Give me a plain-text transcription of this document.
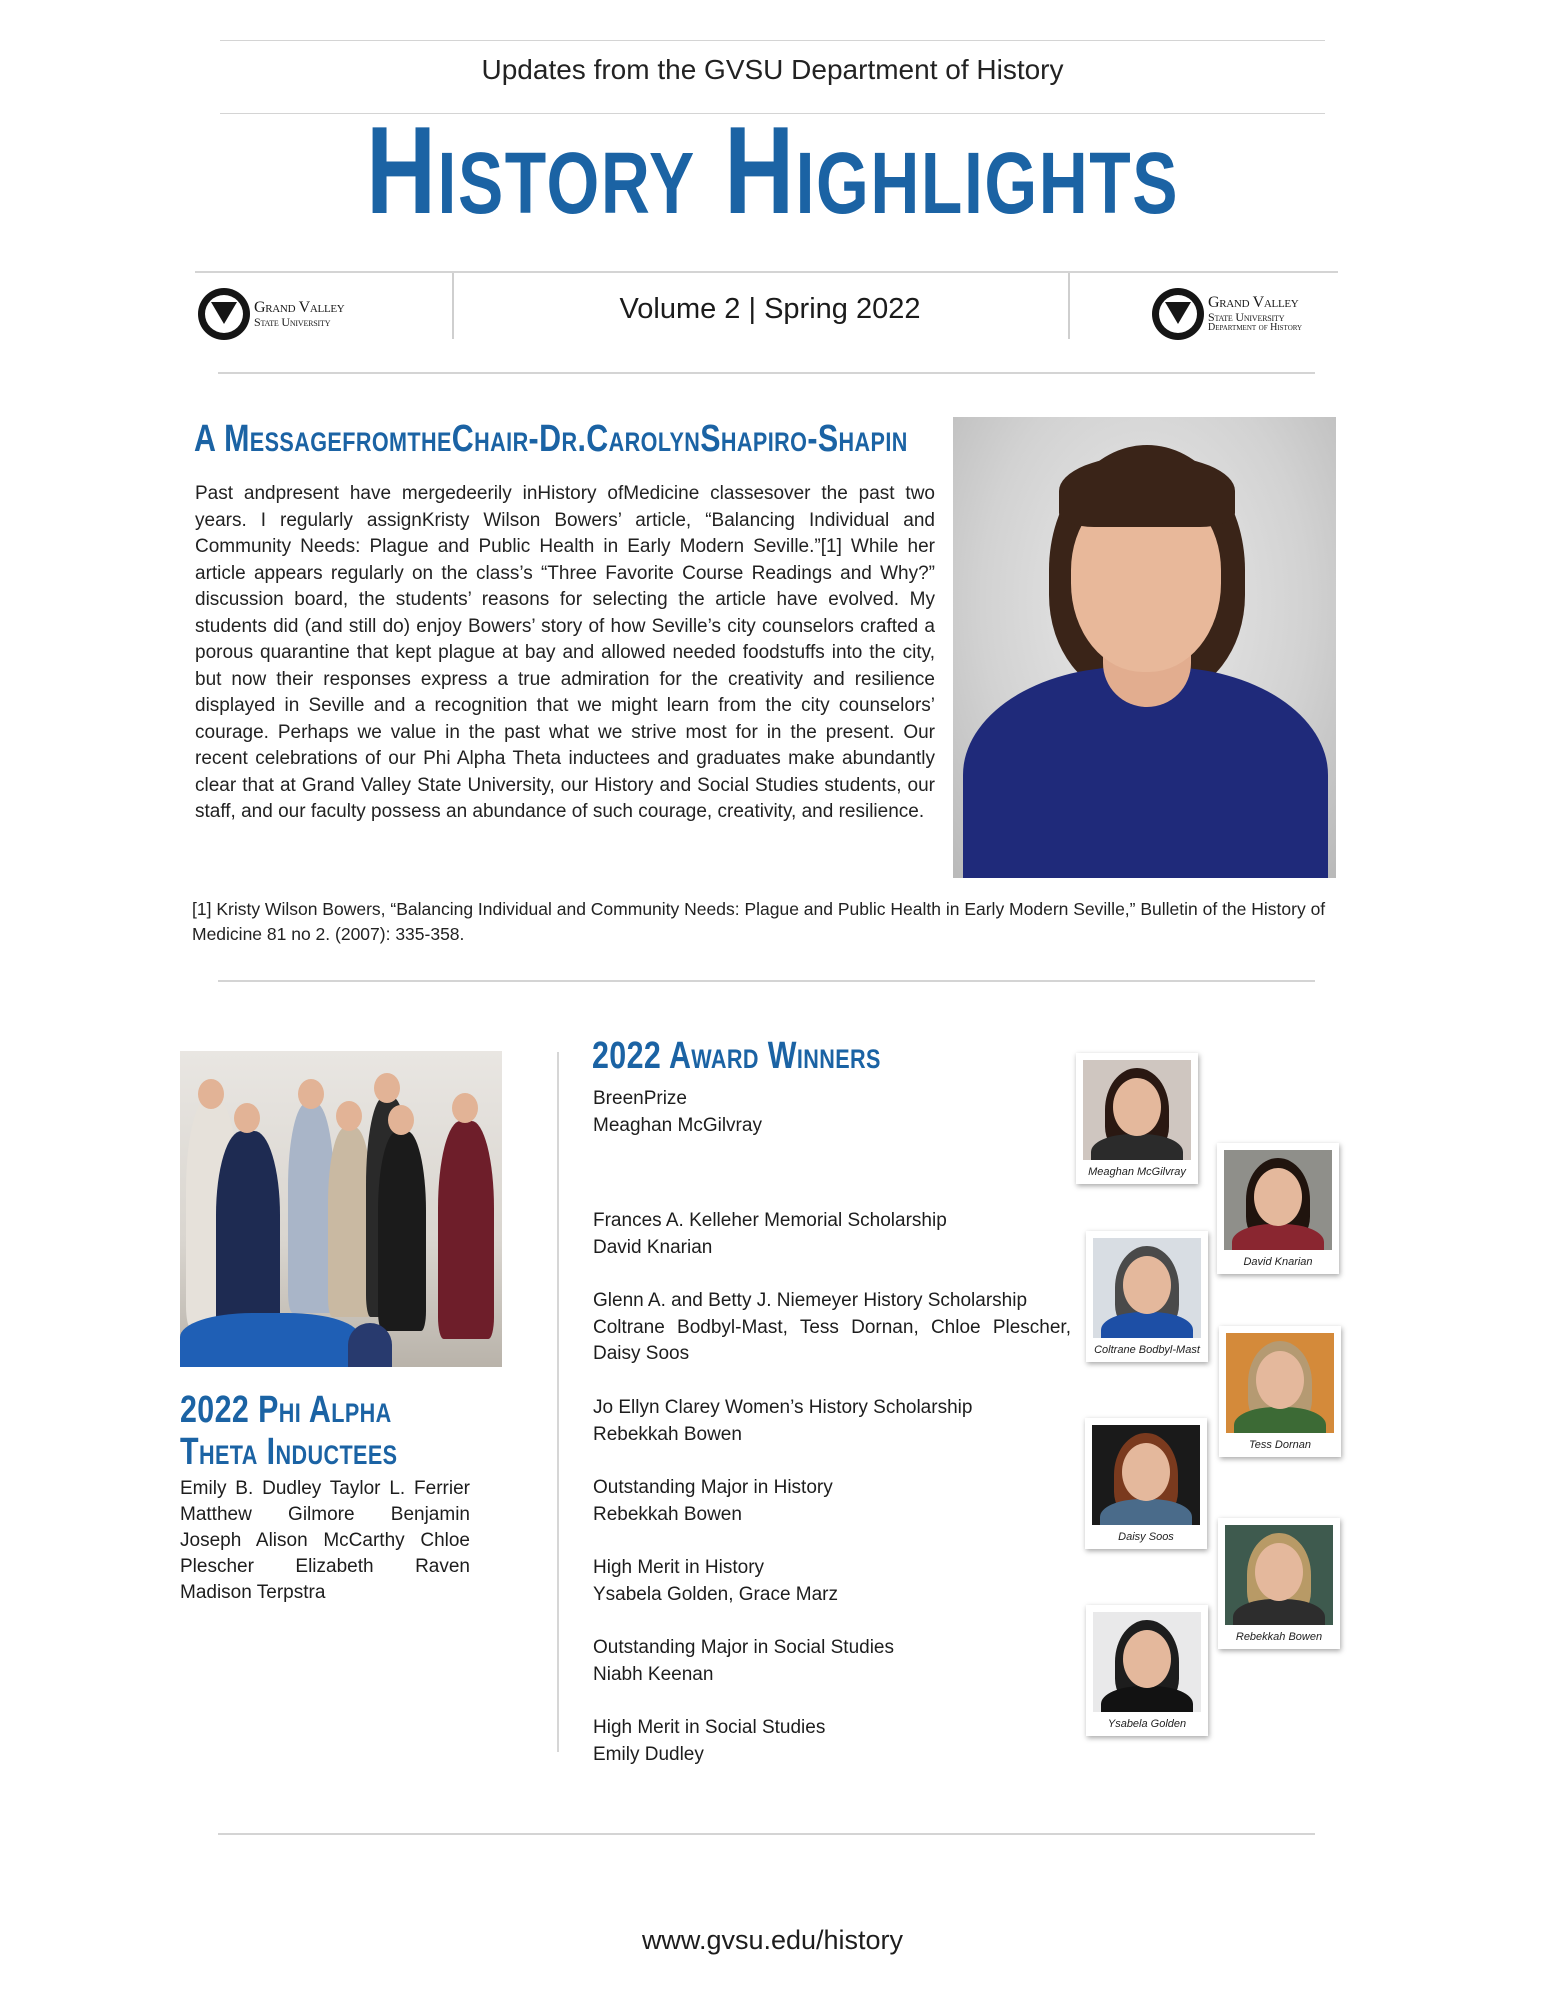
Updates from the GVSU Department of History
History Highlights
Volume 2 | Spring 2022
Grand Valley
State University
Grand Valley
State University
Department of History
A MessagefromtheChair-Dr.CarolynShapiro-Shapin
Past andpresent have mergedeerily inHistory ofMedicine classesover the past two years. I regularly assignKristy Wilson Bowers’ article, “Balancing Individual and Community Needs: Plague and Public Health in Early Modern Seville.”[1] While her article appears regularly on the class’s “Three Favorite Course Readings and Why?” discussion board, the students’ reasons for selecting the article have evolved. My students did (and still do) enjoy Bowers’ story of how Seville’s city counselors crafted a porous quarantine that kept plague at bay and allowed needed foodstuffs into the city, but now their responses express a true admiration for the creativity and resilience displayed in Seville and a recognition that we might learn from the city counselors’ courage. Perhaps we value in the past what we strive most for in the present. Our recent celebrations of our Phi Alpha Theta inductees and graduates make abundantly clear that at Grand Valley State University, our History and Social Studies students, our staff, and our faculty possess an abundance of such courage, creativity, and resilience.
[1] Kristy Wilson Bowers, “Balancing Individual and Community Needs: Plague and Public Health in Early Modern Seville,” Bulletin of the History of Medicine 81 no 2. (2007): 335-358.
2022 Phi Alpha Theta Inductees
Emily B. Dudley Taylor L. Ferrier Matthew Gilmore Benjamin Joseph Alison McCarthy Chloe Plescher Elizabeth Raven Madison Terpstra
2022 Award Winners
BreenPrize
Meaghan McGilvray
Frances A. Kelleher Memorial Scholarship
David Knarian
Glenn A. and Betty J. Niemeyer History Scholarship
Coltrane Bodbyl-Mast, Tess Dornan, Chloe Plescher, Daisy Soos
Jo Ellyn Clarey Women’s History Scholarship
Rebekkah Bowen
Outstanding Major in History
Rebekkah Bowen
High Merit in History
Ysabela Golden, Grace Marz
Outstanding Major in Social Studies
Niabh Keenan
High Merit in Social Studies
Emily Dudley
Meaghan McGilvray
David Knarian
Coltrane Bodbyl-Mast
Tess Dornan
Daisy Soos
Rebekkah Bowen
Ysabela Golden
www.gvsu.edu/history
